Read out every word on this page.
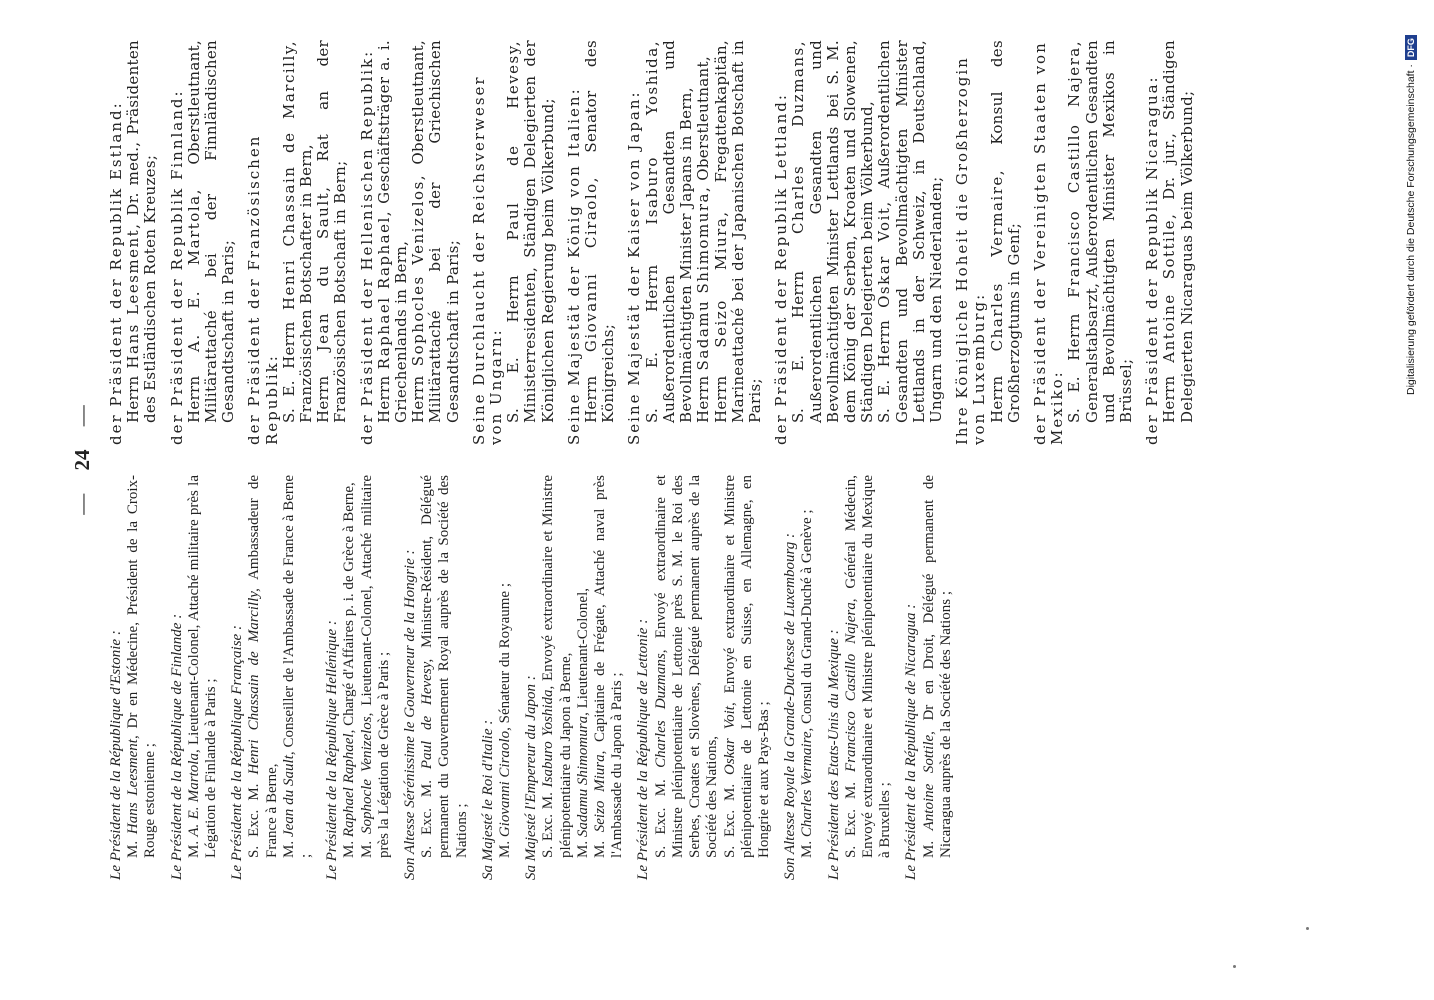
— 24 —
Le Président de la République d'Estonie : M. Hans Leesment, Dr en Médecine, Président de la Croix-Rouge estonienne ; Le Président de la République de Finlande : M. A. E. Martola, Lieutenant-Colonel, Attaché militaire près la Légation de Finlande à Paris ; Le Président de la République Française : S. Exc. M. Henri Chassain de Marcilly, Ambassadeur de France à Berne, M. Jean du Sault, Conseiller de l'Ambassade de France à Berne ; Le Président de la République Hellénique : M. Raphael Raphael, Chargé d'Affaires p. i. de Grèce à Berne,
M. Sophocle Venizelos, Lieutenant-Colonel, Attaché militaire près la Légation de Grèce à Paris ; Son Altesse Sérénissime le Gouverneur de la Hongrie : S. Exc. M. Paul de Hevesy, Ministre-Résident, Délégué permanent du Gouvernement Royal auprès de la Société des Nations ; Sa Majesté le Roi d'Italie : M. Giovanni Ciraolo, Sénateur du Royaume ;
Sa Majesté l'Empereur du Japon : S. Exc. M. Isaburo Yoshida, Envoyé extraordinaire et Ministre plénipotentiaire du Japon à Berne, M. Sadamu Shimomura, Lieutenant-Colonel,
M. Seizo Miura, Capitaine de Frégate, Attaché naval près l'Ambassade du Japon à Paris ; Le Président de la République de Lettonie : S. Exc. M. Charles Duzmans, Envoyé extraordinaire et Ministre plénipotentiaire de Lettonie près S. M. le Roi des Serbes, Croates et Slovènes, Délégué permanent auprès de la Société des Nations, S. Exc. M. Oskar Voit, Envoyé extraordinaire et Ministre plénipotentiaire de Lettonie en Suisse, en Allemagne, en Hongrie et aux Pays-Bas ; Son Altesse Royale la Grande-Duchesse de Luxembourg : M. Charles Vermaire, Consul du Grand-Duché à Genève ;
Le Président des Etats-Unis du Mexique : S. Exc. M. Francisco Castillo Najera, Général Médecin, Envoyé extraordinaire et Ministre plénipotentiaire du Mexique à Bruxelles ; Le Président de la République de Nicaragua : M. Antoine Sottile, Dr en Droit, Délégué permanent de Nicaragua auprès de la Société des Nations ;
der Präsident der Republik Estland: Herrn Hans Leesment, Dr. med., Präsidenten des Estländischen Roten Kreuzes; der Präsident der Republik Finnland: Herrn A. E. Martola, Oberstleutnant, Militärattaché bei der Finnländischen Gesandtschaft in Paris; der Präsident der Französischen Republik: S. E. Herrn Henri Chassain de Marcilly, Französischen Botschafter in Bern, Herrn Jean du Sault, Rat an der Französischen Botschaft in Bern; der Präsident der Hellenischen Republik: Herrn Raphael Raphael, Geschäftsträger a. i. Griechenlands in Bern, Herrn Sophocles Venizelos, Oberstleutnant, Militärattaché bei der Griechischen Gesandtschaft in Paris; Seine Durchlaucht der Reichsverweser von Ungarn: S. E. Herrn Paul de Hevesy, Ministerresidenten, Ständigen Delegierten der Königlichen Regierung beim Völkerbund; Seine Majestät der König von Italien: Herrn Giovanni Ciraolo, Senator des Königreichs; Seine Majestät der Kaiser von Japan: S. E. Herrn Isaburo Yoshida, Außerordentlichen Gesandten und Bevollmächtigten Minister Japans in Bern, Herrn Sadamu Shimomura, Oberstleutnant,
Herrn Seizo Miura, Fregattenkapitän, Marineattaché bei der Japanischen Botschaft in Paris; der Präsident der Republik Lettland: S. E. Herrn Charles Duzmans, Außerordentlichen Gesandten und Bevollmächtigten Minister Lettlands bei S. M. dem König der Serben, Kroaten und Slowenen, Ständigen Delegierten beim Völkerbund, S. E. Herrn Oskar Voit, Außerordentlichen Gesandten und Bevollmächtigten Minister Lettlands in der Schweiz, in Deutschland, Ungarn und den Niederlanden; Ihre Königliche Hoheit die Großherzogin von Luxemburg: Herrn Charles Vermaire, Konsul des Großherzogtums in Genf; der Präsident der Vereinigten Staaten von Mexiko: S. E. Herrn Francisco Castillo Najera, Generalstabsarzt, Außerordentlichen Gesandten und Bevollmächtigten Minister Mexikos in Brüssel; der Präsident der Republik Nicaragua: Herrn Antoine Sottile, Dr. jur., Ständigen Delegierten Nicaraguas beim Völkerbund;	Digitalisierung gefördert durch die Deutsche Forschungsgemeinschaft ·
DFG
